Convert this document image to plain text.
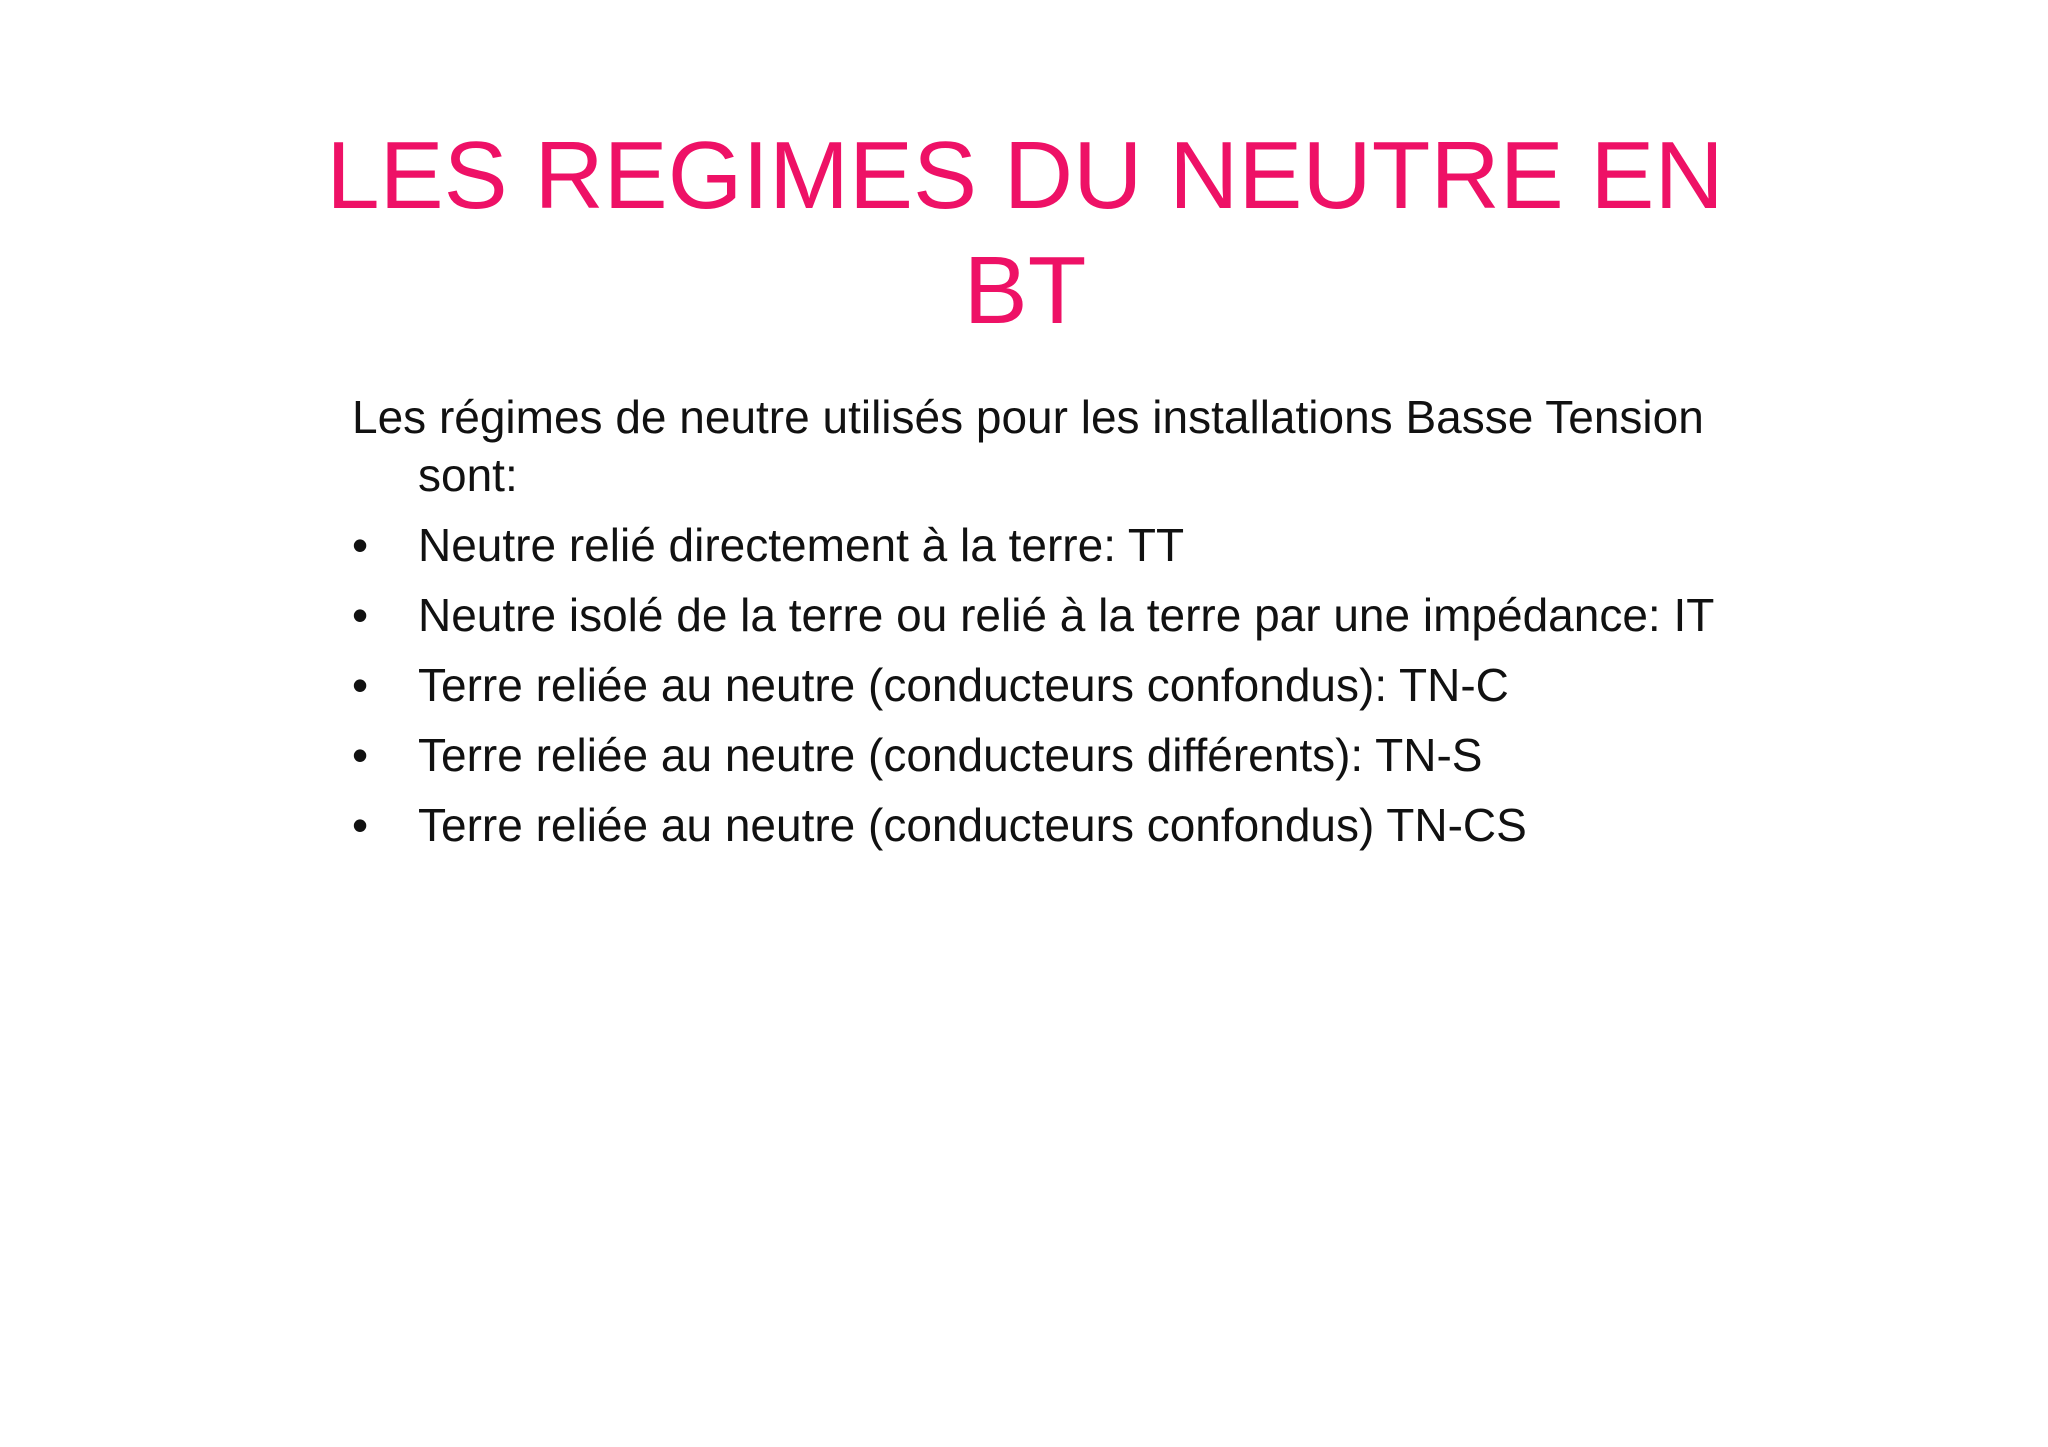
LES REGIMES DU NEUTRE EN
BT

Les régimes de neutre utilisés pour les installations Basse Tension sont:

•	Neutre relié directement à la terre: TT
•	Neutre isolé de la terre ou relié à la terre par une impédance: IT
•	Terre reliée au neutre (conducteurs confondus): TN-C
•	Terre reliée au neutre (conducteurs différents): TN-S
•	Terre reliée au neutre (conducteurs confondus) TN-CS
